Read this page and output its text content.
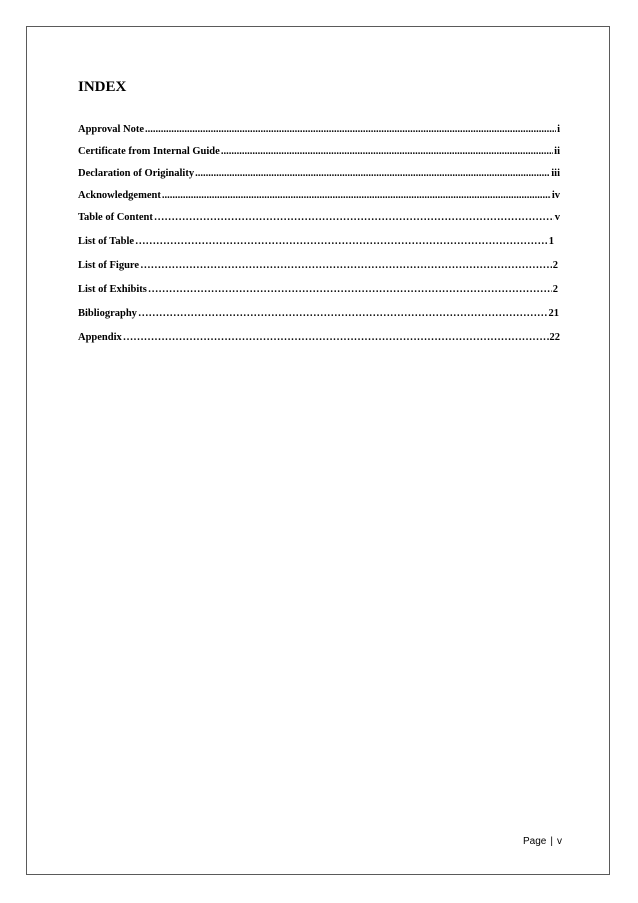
INDEX
Approval Note .....	i
Certificate from Internal Guide .....	ii
Declaration of Originality .....	iii
Acknowledgement .....	iv
Table of Content …………………………………………………………………………………………………………………………………………………………………………………	v
List of Table …………………………………………………………………………………………………………………………………………………………………………………	1
List of Figure …………………………………………………………………………………………………………………………………………………………………………………	2
List of Exhibits …………………………………………………………………………………………………………………………………………………………………………………	2
Bibliography …………………………………………………………………………………………………………………………………………………………………………………	21
Appendix …………………………………………………………………………………………………………………………………………………………………………………	22
Page | v
